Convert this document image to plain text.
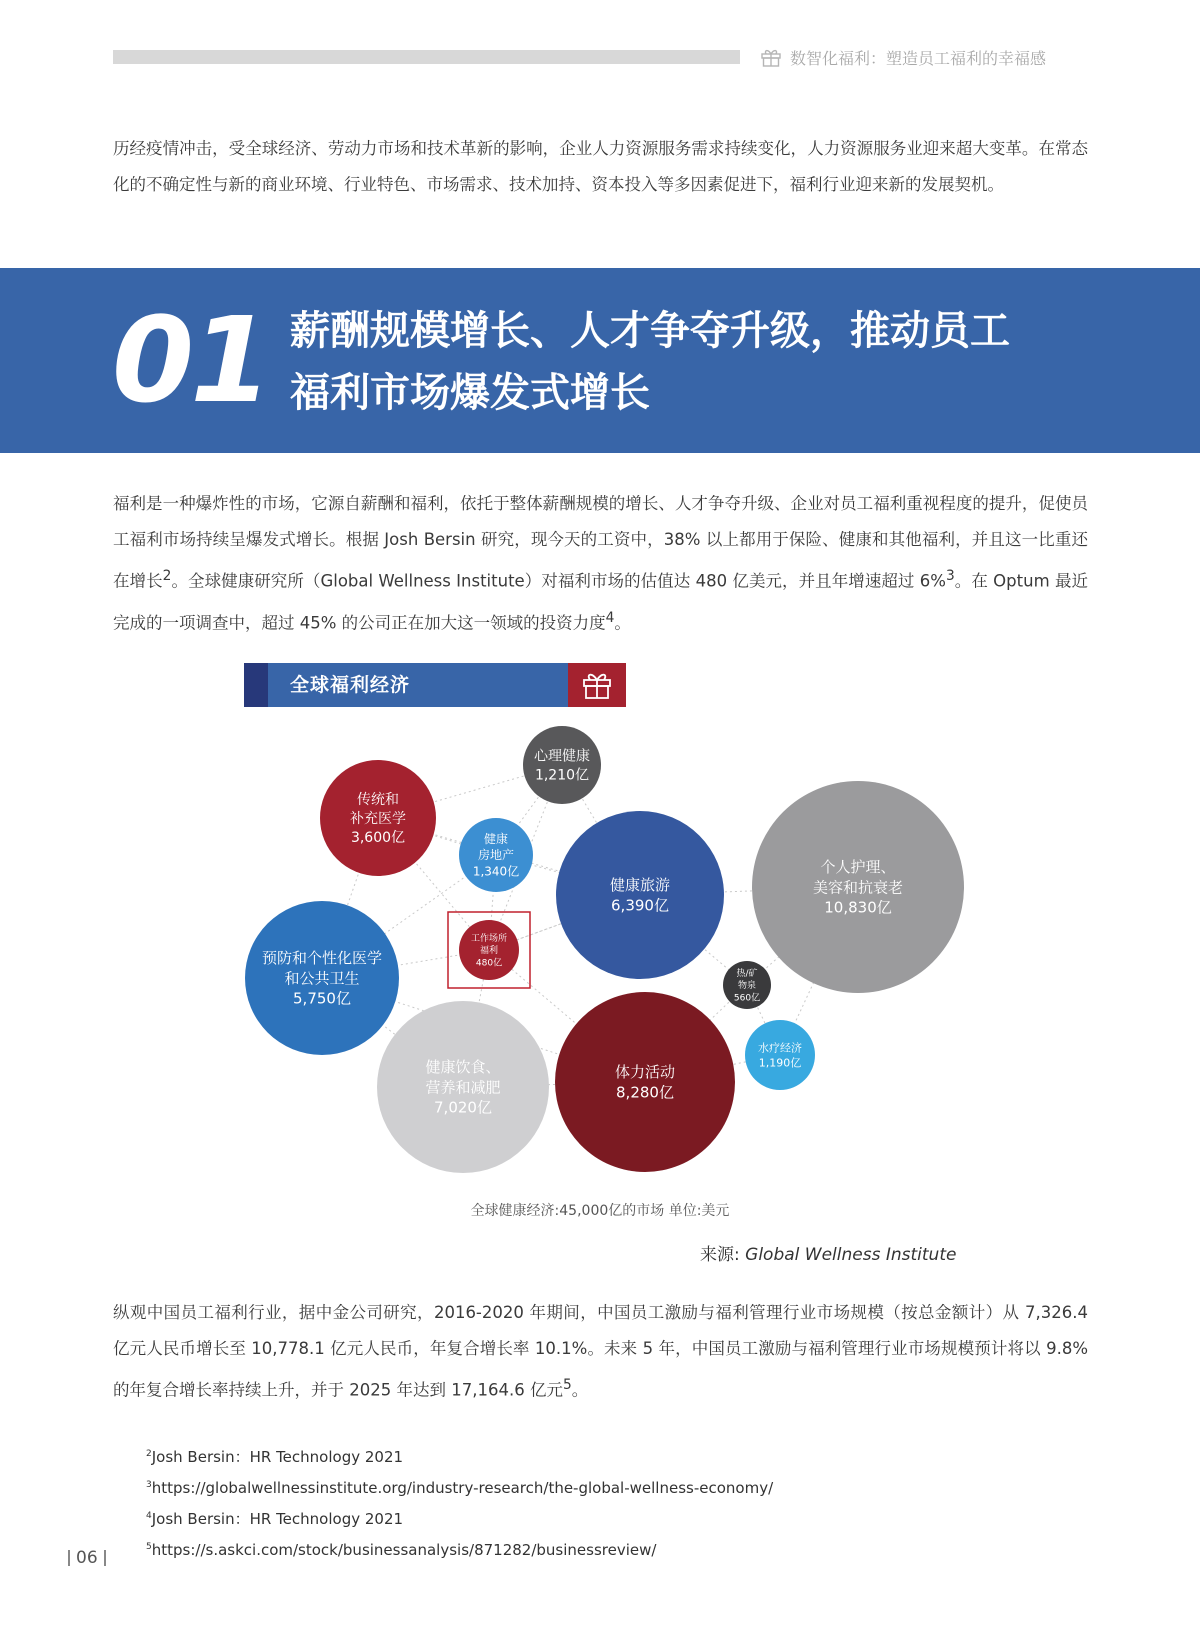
数智化福利：塑造员工福利的幸福感

历经疫情冲击，受全球经济、劳动力市场和技术革新的影响，企业人力资源服务需求持续变化，人力资源服务业迎来超大变革。在常态化的不确定性与新的商业环境、行业特色、市场需求、技术加持、资本投入等多因素促进下，福利行业迎来新的发展契机。

01 薪酬规模增长、人才争夺升级，推动员工
福利市场爆发式增长

福利是一种爆炸性的市场，它源自薪酬和福利，依托于整体薪酬规模的增长、人才争夺升级、企业对员工福利重视程度的提升，促使员工福利市场持续呈爆发式增长。根据 Josh Bersin 研究，现今天的工资中，38% 以上都用于保险、健康和其他福利，并且这一比重还在增长$^2$。全球健康研究所（Global Wellness Institute）对福利市场的估值达 480 亿美元，并且年增速超过 6%$^3$。在 Optum 最近完成的一项调查中，超过 45% 的公司正在加大这一领域的投资力度$^4$。

全球福利经济
心理健康
1,210亿
传统和
补充医学
3,600亿	健康
房地产
1,340亿
健康旅游
6,390亿
个人护理、
美容和抗衰老
10,830亿
预防和个性化医学
和公共卫生
5,750亿
工作场所
福利
480亿
热/矿
物泉
560亿
水疗经济
1,190亿
健康饮食、
营养和减肥
7,020亿
体力活动
8,280亿
全球健康经济:45,000亿的市场 单位:美元
来源: Global Wellness Institute

纵观中国员工福利行业，据中金公司研究，2016-2020 年期间，中国员工激励与福利管理行业市场规模（按总金额计）从 7,326.4 亿元人民币增长至 10,778.1 亿元人民币，年复合增长率 10.1%。未来 5 年，中国员工激励与福利管理行业市场规模预计将以 9.8% 的年复合增长率持续上升，并于 2025 年达到 17,164.6 亿元$^5$。

$^2$Josh Bersin：HR Technology 2021
$^3$https://globalwellnessinstitute.org/industry-research/the-global-wellness-economy/
$^4$Josh Bersin：HR Technology 2021
$^5$https://s.askci.com/stock/businessanalysis/871282/businessreview/
06
